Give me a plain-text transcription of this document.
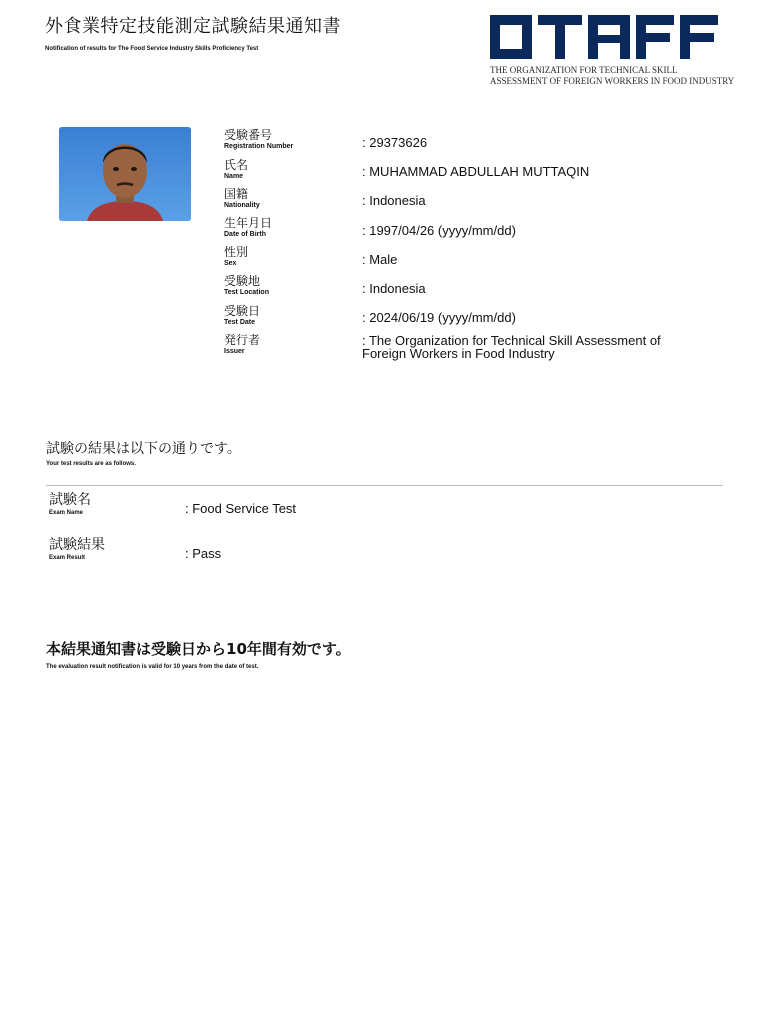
外食業特定技能測定試験結果通知書
Notification of results for The Food Service Industry Skills Proficiency Test
THE ORGANIZATION FOR TECHNICAL SKILL
ASSESSMENT OF FOREIGN WORKERS IN FOOD INDUSTRY
受験番号
Registration Number	: 29373626
氏名
Name	: MUHAMMAD ABDULLAH MUTTAQIN
国籍
Nationality	: Indonesia
生年月日
Date of Birth	: 1997/04/26 (yyyy/mm/dd)
性別
Sex	: Male
受験地
Test Location	: Indonesia
受験日
Test Date	: 2024/06/19 (yyyy/mm/dd)
発行者
Issuer
: The Organization for Technical Skill Assessment of Foreign Workers in Food Industry
試験の結果は以下の通りです。
Your test results are as follows.
試験名
Exam Name	: Food Service Test
試験結果
Exam Result	: Pass
本結果通知書は受験日から10年間有効です。
The evaluation result notification is valid for 10 years from the date of test.
